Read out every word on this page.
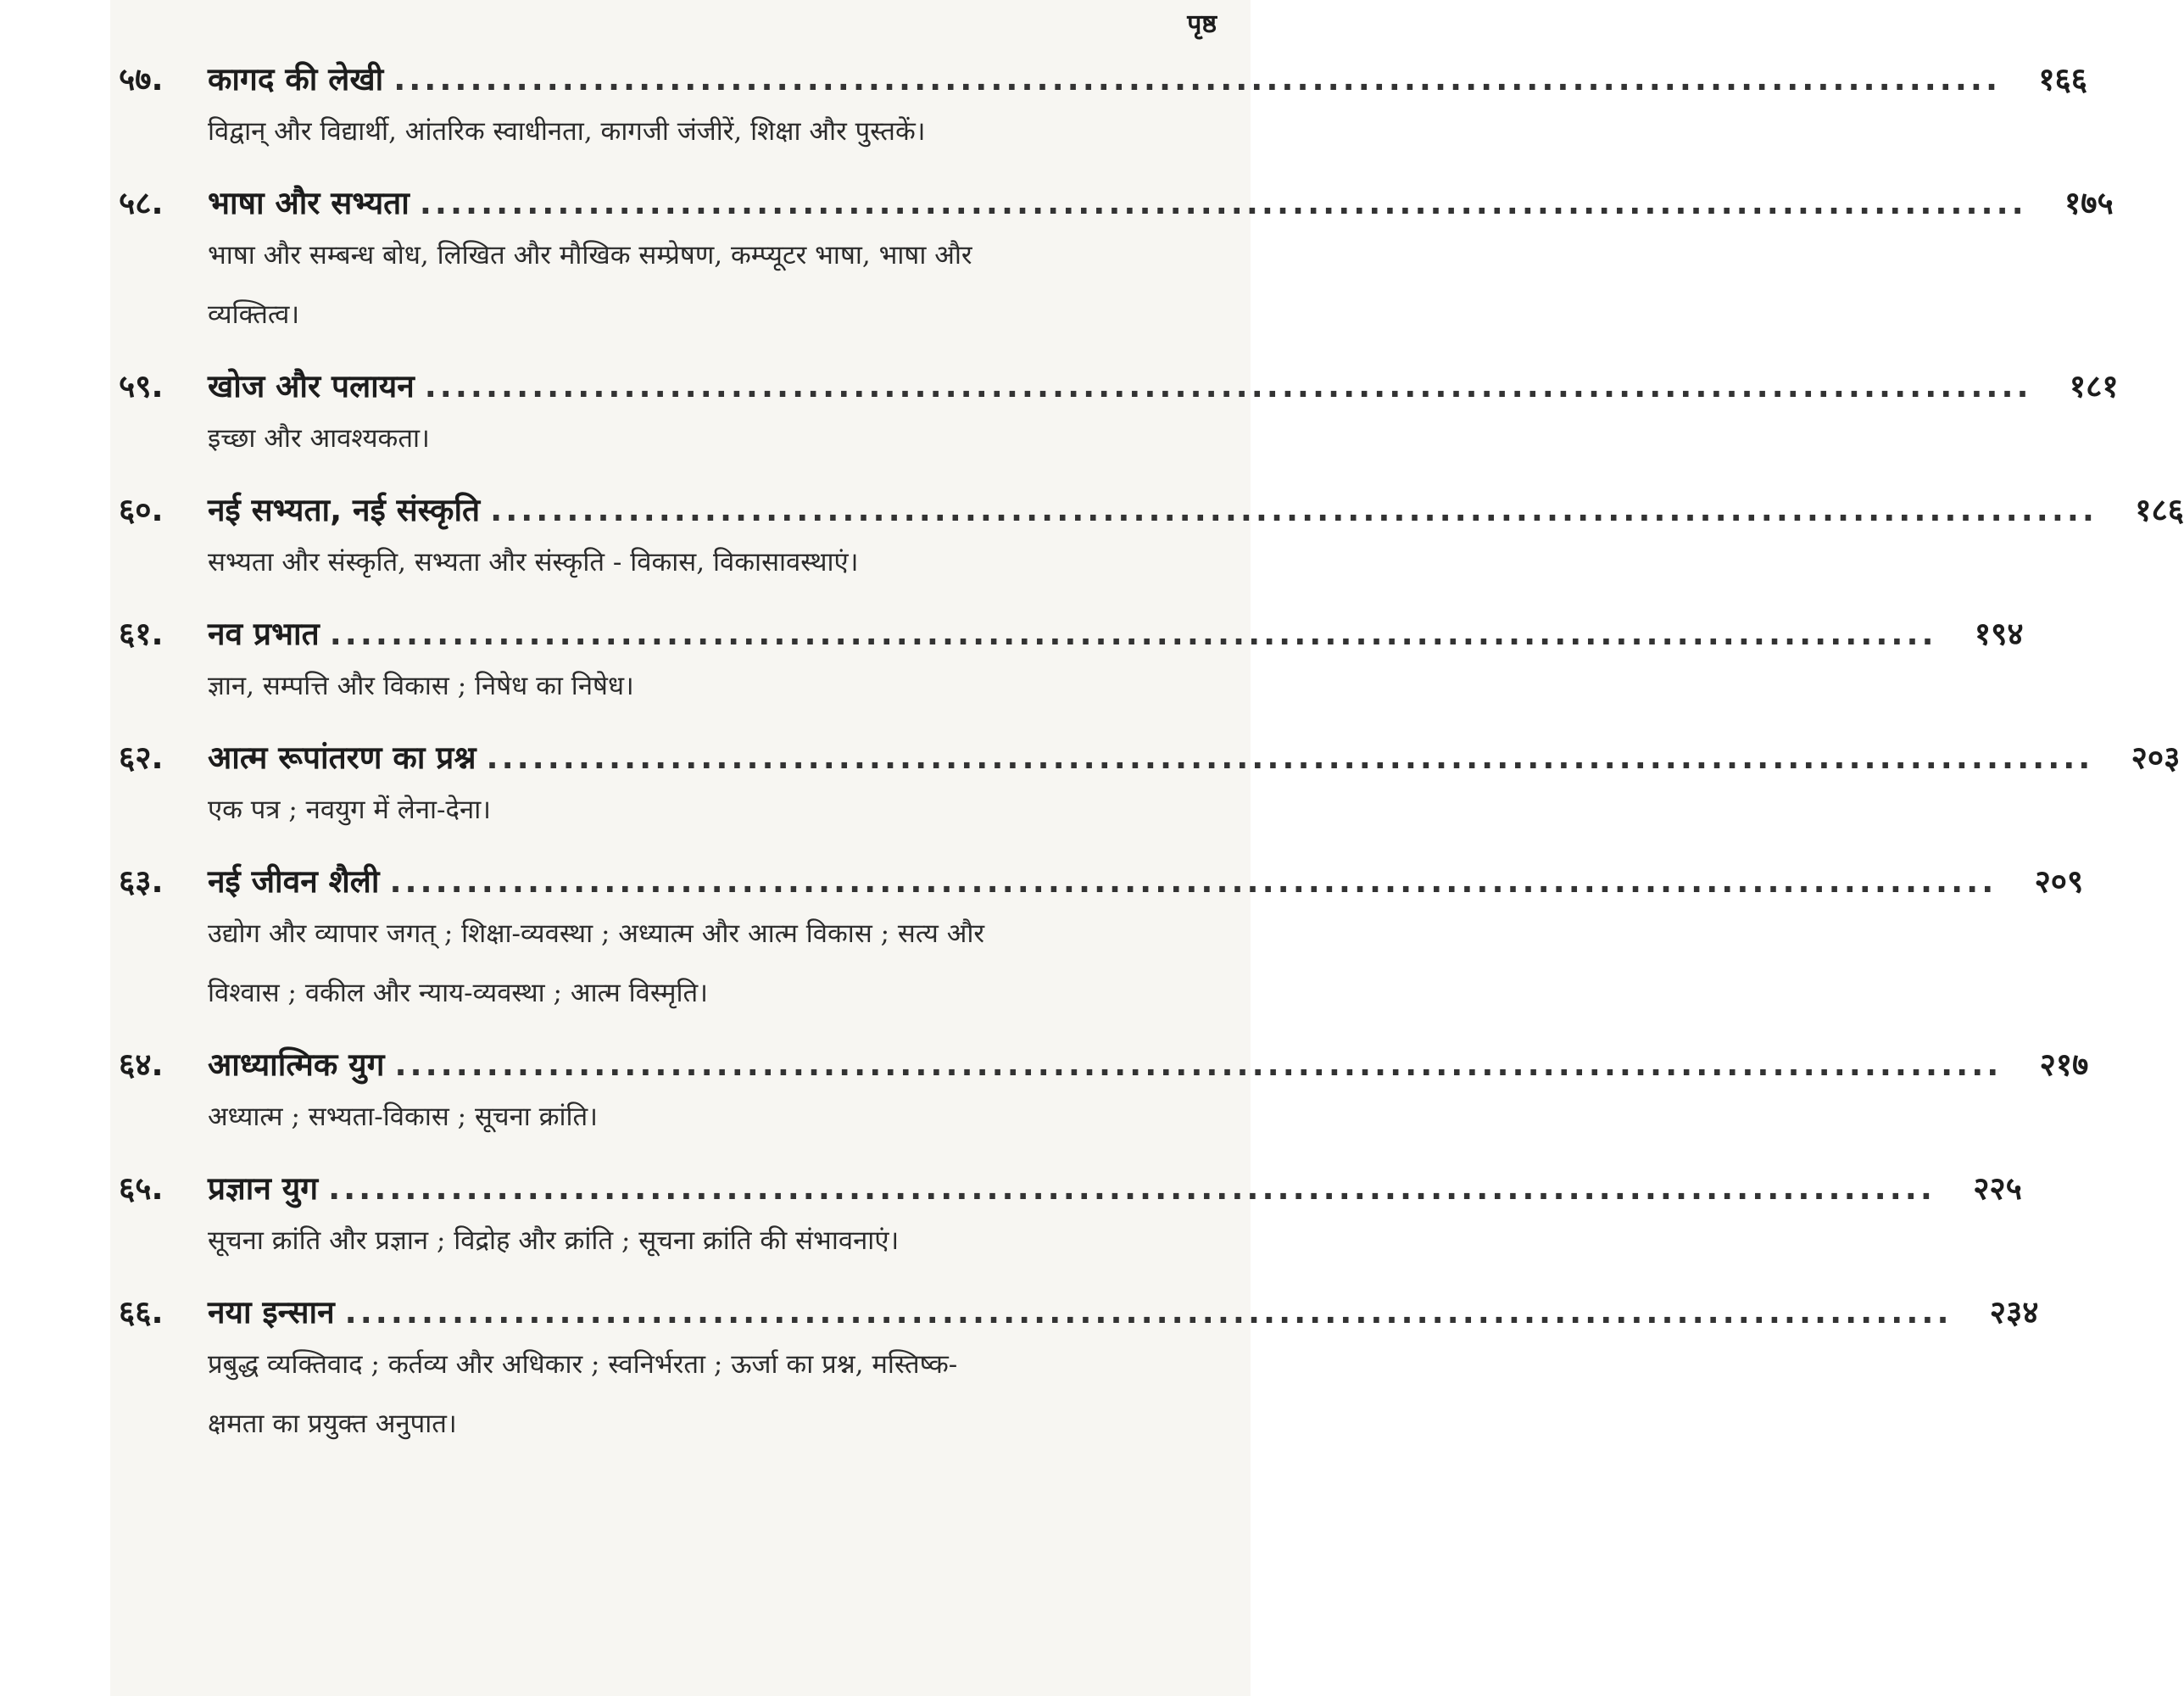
पृष्ठ
५७.	कागद की लेखी .........................................................................................................	१६६
विद्वान् और विद्यार्थी, आंतरिक स्वाधीनता, कागजी जंजीरें, शिक्षा और पुस्तकें।
५८.	भाषा और सभ्यता .........................................................................................................	१७५
भाषा और सम्बन्ध बोध, लिखित और मौखिक सम्प्रेषण, कम्प्यूटर भाषा, भाषा और व्यक्तित्व।
५९.	खोज और पलायन .........................................................................................................	१८१
इच्छा और आवश्यकता।
६०.	नई सभ्यता, नई संस्कृति .........................................................................................................	१८६
सभ्यता और संस्कृति, सभ्यता और संस्कृति - विकास, विकासावस्थाएं।
६१.	नव प्रभात .........................................................................................................	१९४
ज्ञान, सम्पत्ति और विकास ; निषेध का निषेध।
६२.	आत्म रूपांतरण का प्रश्न .........................................................................................................	२०३
एक पत्र ; नवयुग में लेना-देना।
६३.	नई जीवन शैली .........................................................................................................	२०९
उद्योग और व्यापार जगत् ; शिक्षा-व्यवस्था ; अध्यात्म और आत्म विकास ; सत्य और विश्वास ; वकील और न्याय-व्यवस्था ; आत्म विस्मृति।
६४.	आध्यात्मिक युग .........................................................................................................	२१७
अध्यात्म ; सभ्यता-विकास ; सूचना क्रांति।
६५.	प्रज्ञान युग .........................................................................................................	२२५
सूचना क्रांति और प्रज्ञान ; विद्रोह और क्रांति ; सूचना क्रांति की संभावनाएं।
६६.	नया इन्सान .........................................................................................................	२३४
प्रबुद्ध व्यक्तिवाद ; कर्तव्य और अधिकार ; स्वनिर्भरता ; ऊर्जा का प्रश्न, मस्तिष्क-क्षमता का प्रयुक्त अनुपात।
